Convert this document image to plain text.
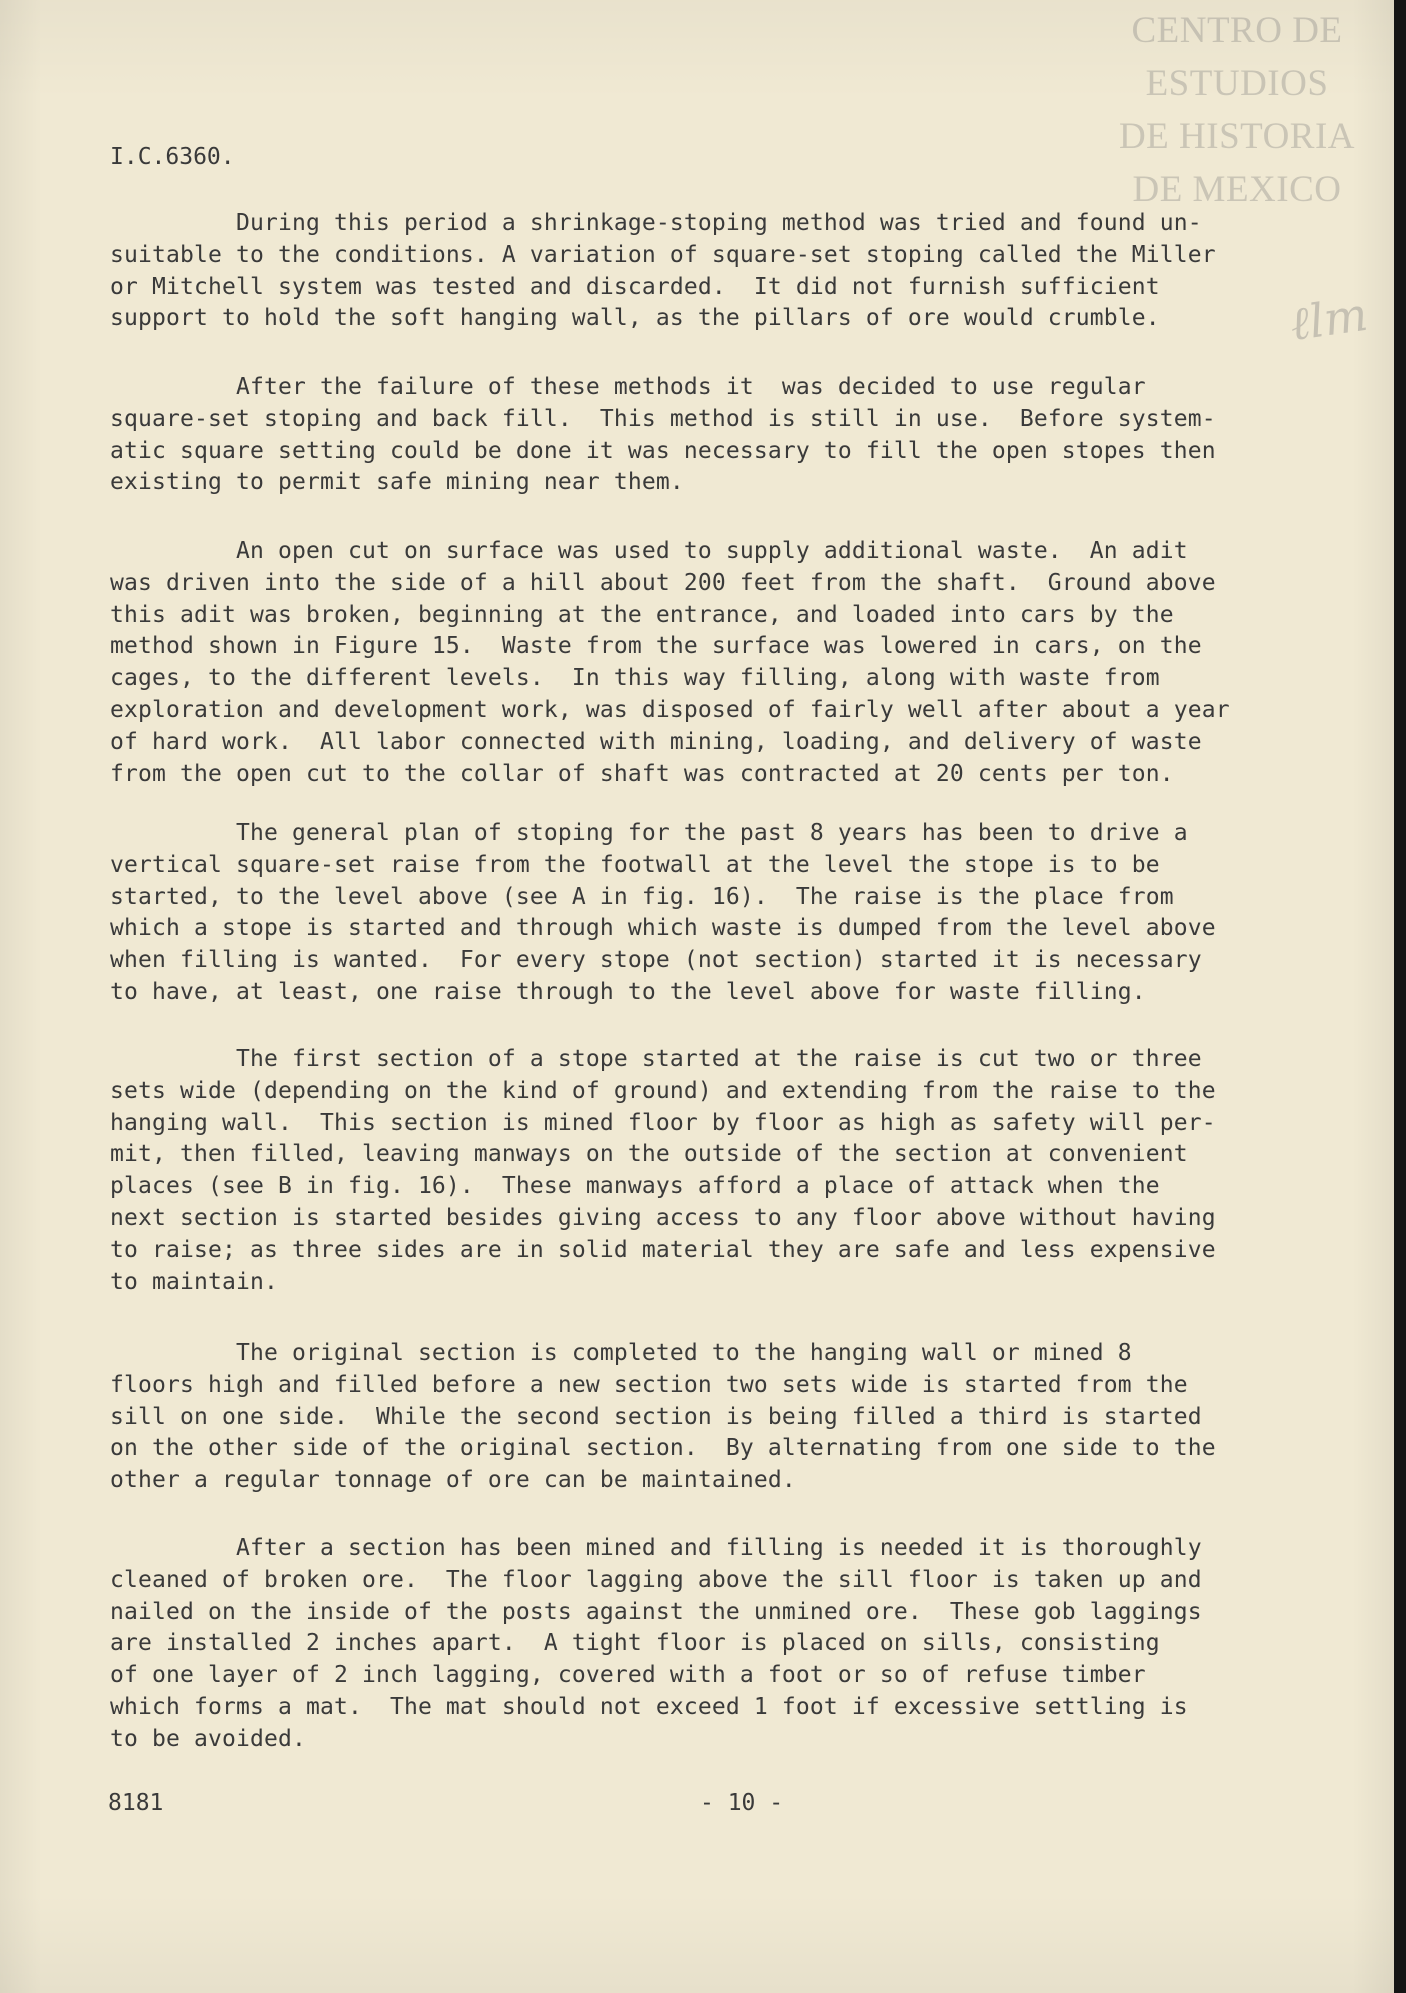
CENTRO DE
ESTUDIOS
DE HISTORIA
DE MEXICO
ℓlm
I.C.6360.
During this period a shrinkage-stoping method was tried and found un-
suitable to the conditions. A variation of square-set stoping called the Miller
or Mitchell system was tested and discarded.  It did not furnish sufficient
support to hold the soft hanging wall, as the pillars of ore would crumble.
After the failure of these methods it  was decided to use regular
square-set stoping and back fill.  This method is still in use.  Before system-
atic square setting could be done it was necessary to fill the open stopes then
existing to permit safe mining near them.
An open cut on surface was used to supply additional waste.  An adit
was driven into the side of a hill about 200 feet from the shaft.  Ground above
this adit was broken, beginning at the entrance, and loaded into cars by the
method shown in Figure 15.  Waste from the surface was lowered in cars, on the
cages, to the different levels.  In this way filling, along with waste from
exploration and development work, was disposed of fairly well after about a year
of hard work.  All labor connected with mining, loading, and delivery of waste
from the open cut to the collar of shaft was contracted at 20 cents per ton.
The general plan of stoping for the past 8 years has been to drive a
vertical square-set raise from the footwall at the level the stope is to be
started, to the level above (see A in fig. 16).  The raise is the place from
which a stope is started and through which waste is dumped from the level above
when filling is wanted.  For every stope (not section) started it is necessary
to have, at least, one raise through to the level above for waste filling.
The first section of a stope started at the raise is cut two or three
sets wide (depending on the kind of ground) and extending from the raise to the
hanging wall.  This section is mined floor by floor as high as safety will per-
mit, then filled, leaving manways on the outside of the section at convenient
places (see B in fig. 16).  These manways afford a place of attack when the
next section is started besides giving access to any floor above without having
to raise; as three sides are in solid material they are safe and less expensive
to maintain.
The original section is completed to the hanging wall or mined 8
floors high and filled before a new section two sets wide is started from the
sill on one side.  While the second section is being filled a third is started
on the other side of the original section.  By alternating from one side to the
other a regular tonnage of ore can be maintained.
After a section has been mined and filling is needed it is thoroughly
cleaned of broken ore.  The floor lagging above the sill floor is taken up and
nailed on the inside of the posts against the unmined ore.  These gob laggings
are installed 2 inches apart.  A tight floor is placed on sills, consisting
of one layer of 2 inch lagging, covered with a foot or so of refuse timber
which forms a mat.  The mat should not exceed 1 foot if excessive settling is
to be avoided.
8181	- 10 -
